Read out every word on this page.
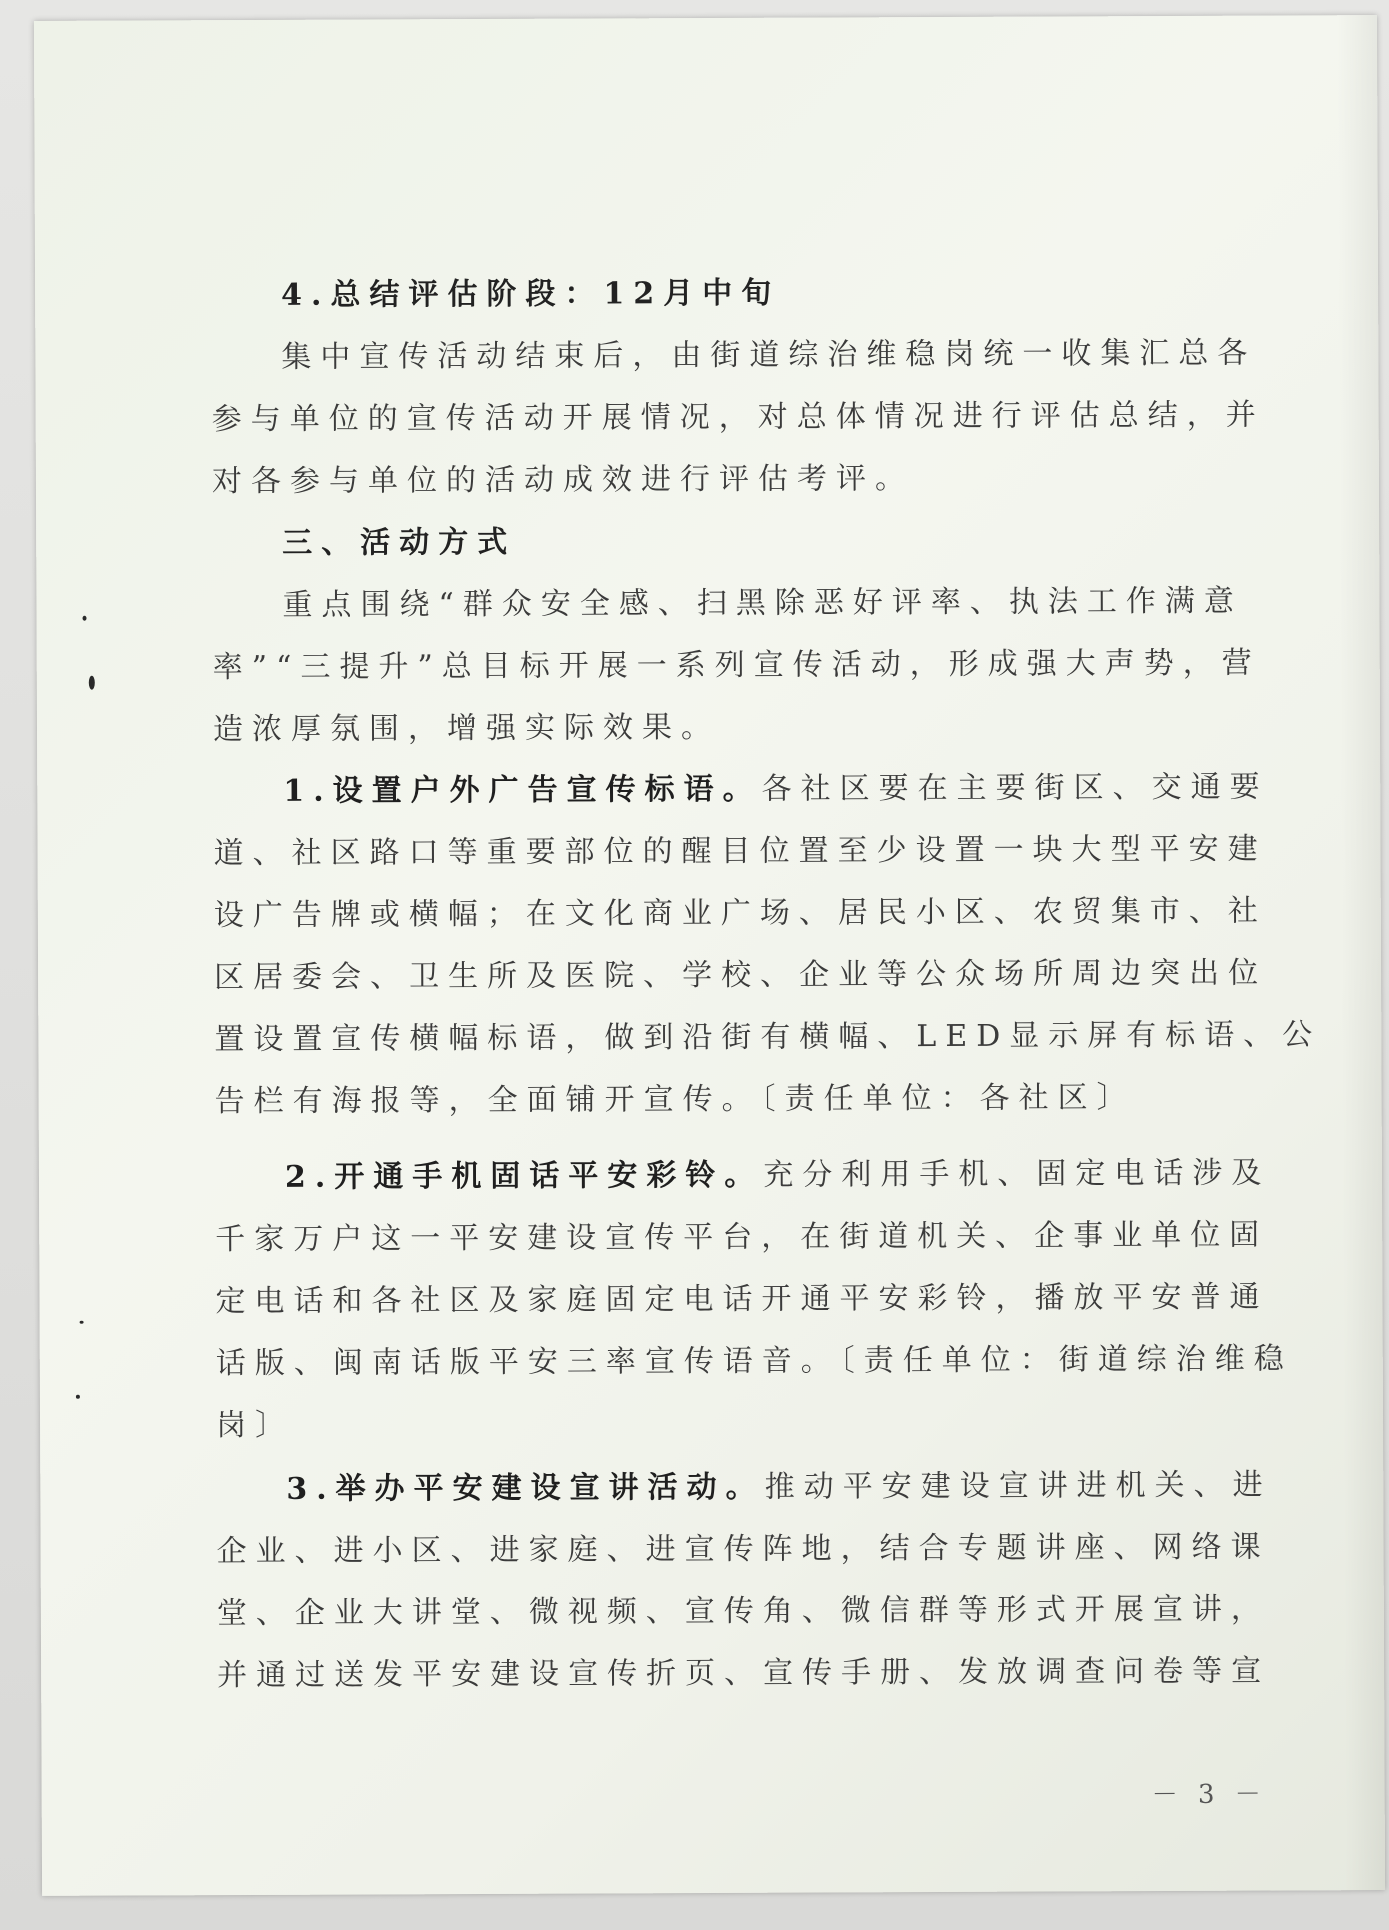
4.总结评估阶段：12月中旬
集中宣传活动结束后，由街道综治维稳岗统一收集汇总各
参与单位的宣传活动开展情况，对总体情况进行评估总结，并
对各参与单位的活动成效进行评估考评。
三、活动方式
重点围绕“群众安全感、扫黑除恶好评率、执法工作满意
率”“三提升”总目标开展一系列宣传活动，形成强大声势，营
造浓厚氛围，增强实际效果。
1.设置户外广告宣传标语。各社区要在主要街区、交通要
道、社区路口等重要部位的醒目位置至少设置一块大型平安建
设广告牌或横幅；在文化商业广场、居民小区、农贸集市、社
区居委会、卫生所及医院、学校、企业等公众场所周边突出位
置设置宣传横幅标语，做到沿街有横幅、LED显示屏有标语、公
告栏有海报等，全面铺开宣传。〔责任单位：各社区〕
2.开通手机固话平安彩铃。充分利用手机、固定电话涉及
千家万户这一平安建设宣传平台，在街道机关、企事业单位固
定电话和各社区及家庭固定电话开通平安彩铃，播放平安普通
话版、闽南话版平安三率宣传语音。〔责任单位：街道综治维稳
岗〕
3.举办平安建设宣讲活动。推动平安建设宣讲进机关、进
企业、进小区、进家庭、进宣传阵地，结合专题讲座、网络课
堂、企业大讲堂、微视频、宣传角、微信群等形式开展宣讲，
并通过送发平安建设宣传折页、宣传手册、发放调查问卷等宣
－ 3 －
